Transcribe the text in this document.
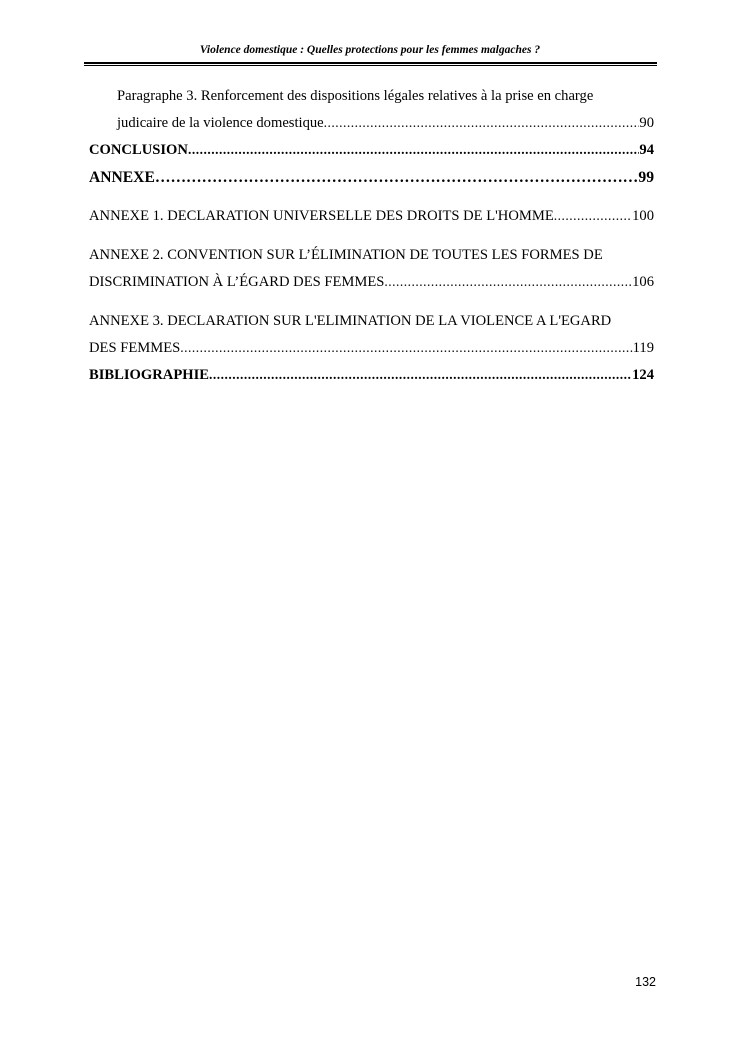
Violence domestique : Quelles protections pour les femmes malgaches ?
Paragraphe 3. Renforcement des dispositions légales relatives à la prise en charge
judicaire de la violence domestique .....	90
CONCLUSION .....	94
ANNEXE ……………………………………………………………………………………………………………………………………………………………………………	99
ANNEXE 1. DECLARATION UNIVERSELLE DES DROITS DE L'HOMME .....	100
ANNEXE 2. CONVENTION SUR L’ÉLIMINATION DE TOUTES LES FORMES DE
DISCRIMINATION À L’ÉGARD DES FEMMES .....	106
ANNEXE 3. DECLARATION SUR L'ELIMINATION DE LA VIOLENCE A L'EGARD
DES FEMMES .....	119
BIBLIOGRAPHIE .....	124
132
